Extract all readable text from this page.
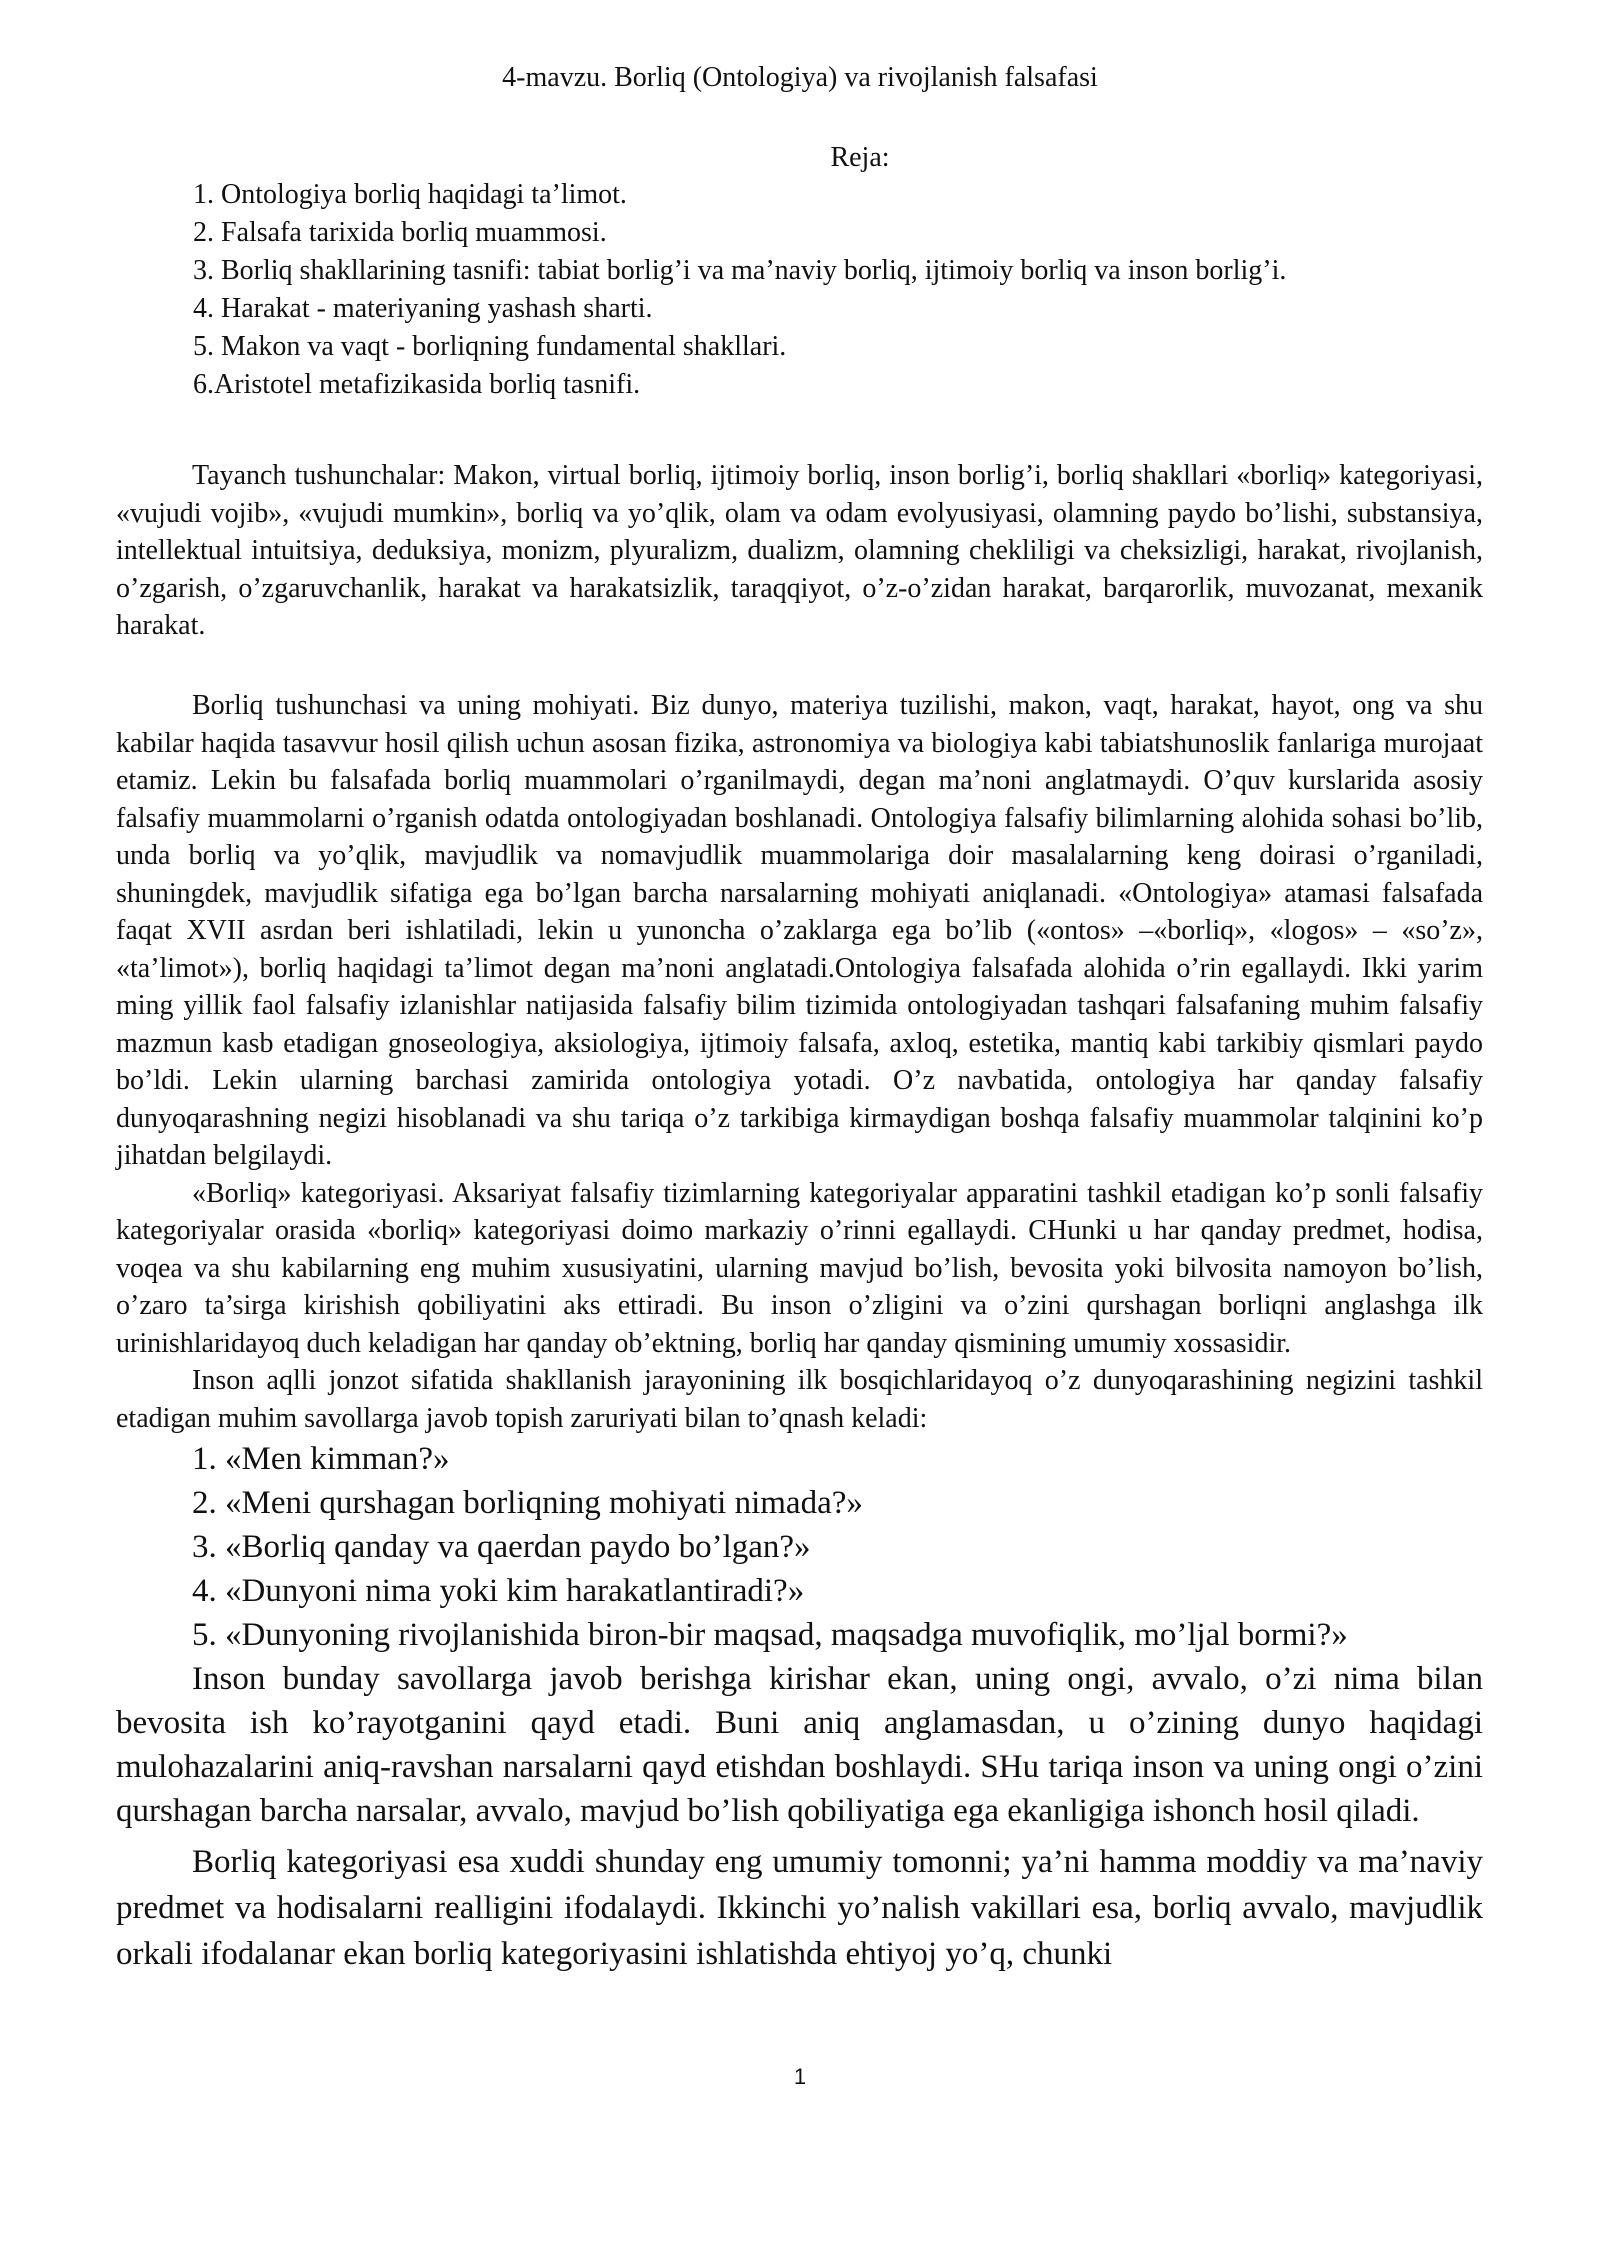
4-mavzu. Borliq (Ontologiya) va rivojlanish falsafasi
Reja:
1. Ontologiya borliq haqidagi ta’limot.
2. Falsafa tarixida borliq muammosi.
3. Borliq shakllarining tasnifi: tabiat borlig’i va ma’naviy borliq, ijtimoiy borliq va inson borlig’i.
4. Harakat - materiyaning yashash sharti.
5. Makon va vaqt - borliqning fundamental shakllari.
6.Aristotel metafizikasida borliq tasnifi.

Tayanch tushunchalar: Makon, virtual borliq, ijtimoiy borliq, inson borlig’i, borliq shakllari «borliq» kategoriyasi, «vujudi vojib», «vujudi mumkin», borliq va yo’qlik, olam va odam evolyusiyasi, olamning paydo bo’lishi, substansiya, intellektual intuitsiya, deduksiya, monizm, plyuralizm, dualizm, olamning chekliligi va cheksizligi, harakat, rivojlanish, o’zgarish, o’zgaruvchanlik, harakat va harakatsizlik, taraqqiyot, o’z-o’zidan harakat, barqarorlik, muvozanat, mexanik harakat.

Borliq tushunchasi va uning mohiyati. Biz dunyo, materiya tuzilishi, makon, vaqt, harakat, hayot, ong va shu kabilar haqida tasavvur hosil qilish uchun asosan fizika, astronomiya va biologiya kabi tabiatshunoslik fanlariga murojaat etamiz. Lekin bu falsafada borliq muammolari o’rganilmaydi, degan ma’noni anglatmaydi. O’quv kurslarida asosiy falsafiy muammolarni o’rganish odatda ontologiyadan boshlanadi. Ontologiya falsafiy bilimlarning alohida sohasi bo’lib, unda borliq va yo’qlik, mavjudlik va nomavjudlik muammolariga doir masalalarning keng doirasi o’rganiladi, shuningdek, mavjudlik sifatiga ega bo’lgan barcha narsalarning mohiyati aniqlanadi. «Ontologiya» atamasi falsafada faqat XVII asrdan beri ishlatiladi, lekin u yunoncha o’zaklarga ega bo’lib («ontos» –«borliq», «logos» – «so’z», «ta’limot»), borliq haqidagi ta’limot degan ma’noni anglatadi.Ontologiya falsafada alohida o’rin egallaydi. Ikki yarim ming yillik faol falsafiy izlanishlar natijasida falsafiy bilim tizimida ontologiyadan tashqari falsafaning muhim falsafiy mazmun kasb etadigan gnoseologiya, aksiologiya, ijtimoiy falsafa, axloq, estetika, mantiq kabi tarkibiy qismlari paydo bo’ldi. Lekin ularning barchasi zamirida ontologiya yotadi. O’z navbatida, ontologiya har qanday falsafiy dunyoqarashning negizi hisoblanadi va shu tariqa o’z tarkibiga kirmaydigan boshqa falsafiy muammolar talqinini ko’p jihatdan belgilaydi.

«Borliq» kategoriyasi. Aksariyat falsafiy tizimlarning kategoriyalar apparatini tashkil etadigan ko’p sonli falsafiy kategoriyalar orasida «borliq» kategoriyasi doimo markaziy o’rinni egallaydi. CHunki u har qanday predmet, hodisa, voqea va shu kabilarning eng muhim xususiyatini, ularning mavjud bo’lish, bevosita yoki bilvosita namoyon bo’lish, o’zaro ta’sirga kirishish qobiliyatini aks ettiradi. Bu inson o’zligini va o’zini qurshagan borliqni anglashga ilk urinishlaridayoq duch keladigan har qanday ob’ektning, borliq har qanday qismining umumiy xossasidir.

Inson aqlli jonzot sifatida shakllanish jarayonining ilk bosqichlaridayoq o’z dunyoqarashining negizini tashkil etadigan muhim savollarga javob topish zaruriyati bilan to’qnash keladi:

1. «Men kimman?»
2. «Meni qurshagan borliqning mohiyati nimada?»
3. «Borliq qanday va qaerdan paydo bo’lgan?»
4. «Dunyoni nima yoki kim harakatlantiradi?»
5. «Dunyoning rivojlanishida biron-bir maqsad, maqsadga muvofiqlik, mo’ljal bormi?»

Inson bunday savollarga javob berishga kirishar ekan, uning ongi, avvalo, o’zi nima bilan bevosita ish ko’rayotganini qayd etadi. Buni aniq anglamasdan, u o’zining dunyo haqidagi mulohazalarini aniq-ravshan narsalarni qayd etishdan boshlaydi. SHu tariqa inson va uning ongi o’zini qurshagan barcha narsalar, avvalo, mavjud bo’lish qobiliyatiga ega ekanligiga ishonch hosil qiladi.

Borliq kategoriyasi esa xuddi shunday eng umumiy tomonni; ya’ni hamma moddiy va ma’naviy predmet va hodisalarni realligini ifodalaydi. Ikkinchi yo’nalish vakillari esa, borliq avvalo, mavjudlik orkali ifodalanar ekan borliq kategoriyasini ishlatishda ehtiyoj yo’q, chunki

1
